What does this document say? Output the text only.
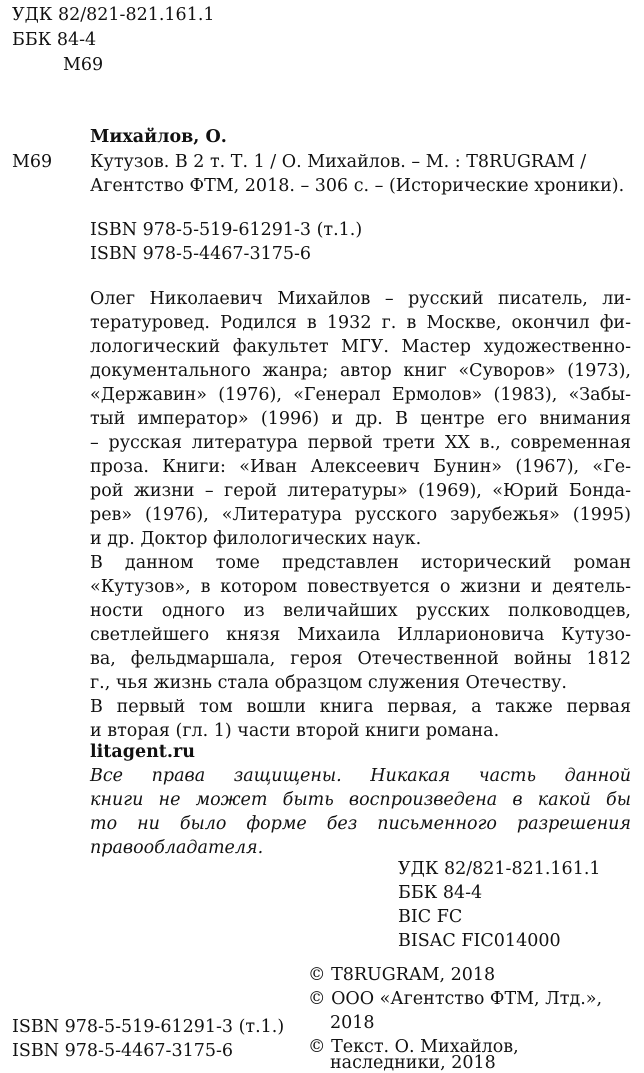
УДК 82/821-821.161.1
ББК 84-4
М69
Михайлов, О.
М69 Кутузов. В 2 т. Т. 1 / О. Михайлов. – М. : T8RUGRAM /
Агентство ФТМ, 2018. – 306 с. – (Исторические хроники).
ISBN 978-5-519-61291-3 (т.1.)
ISBN 978-5-4467-3175-6
Олег Николаевич Михайлов – русский писатель, ли-
тературовед. Родился в 1932 г. в Москве, окончил фи-
лологический факультет МГУ. Мастер художественно-
документального жанра; автор книг «Суворов» (1973),
«Державин» (1976), «Генерал Ермолов» (1983), «Забы-
тый император» (1996) и др. В центре его внимания
– русская литература первой трети XX в., современная
проза. Книги: «Иван Алексеевич Бунин» (1967), «Ге-
рой жизни – герой литературы» (1969), «Юрий Бонда-
рев» (1976), «Литература русского зарубежья» (1995)
и др. Доктор филологических наук.
В данном томе представлен исторический роман
«Кутузов», в котором повествуется о жизни и деятель-
ности одного из величайших русских полководцев,
светлейшего князя Михаила Илларионовича Кутузо-
ва, фельдмаршала, героя Отечественной войны 1812
г., чья жизнь стала образцом служения Отечеству.
В первый том вошли книга первая, а также первая
и вторая (гл. 1) части второй книги романа.
litagent.ru
Все права защищены. Никакая часть данной
книги не может быть воспроизведена в какой бы
то ни было форме без письменного разрешения
правообладателя.
УДК 82/821-821.161.1
ББК 84-4
BIC FC
BISAC FIC014000
© T8RUGRAM, 2018
© ООО «Агентство ФТМ, Лтд.»,
2018
© Текст. О. Михайлов,
наследники, 2018
ISBN 978-5-519-61291-3 (т.1.)
ISBN 978-5-4467-3175-6
